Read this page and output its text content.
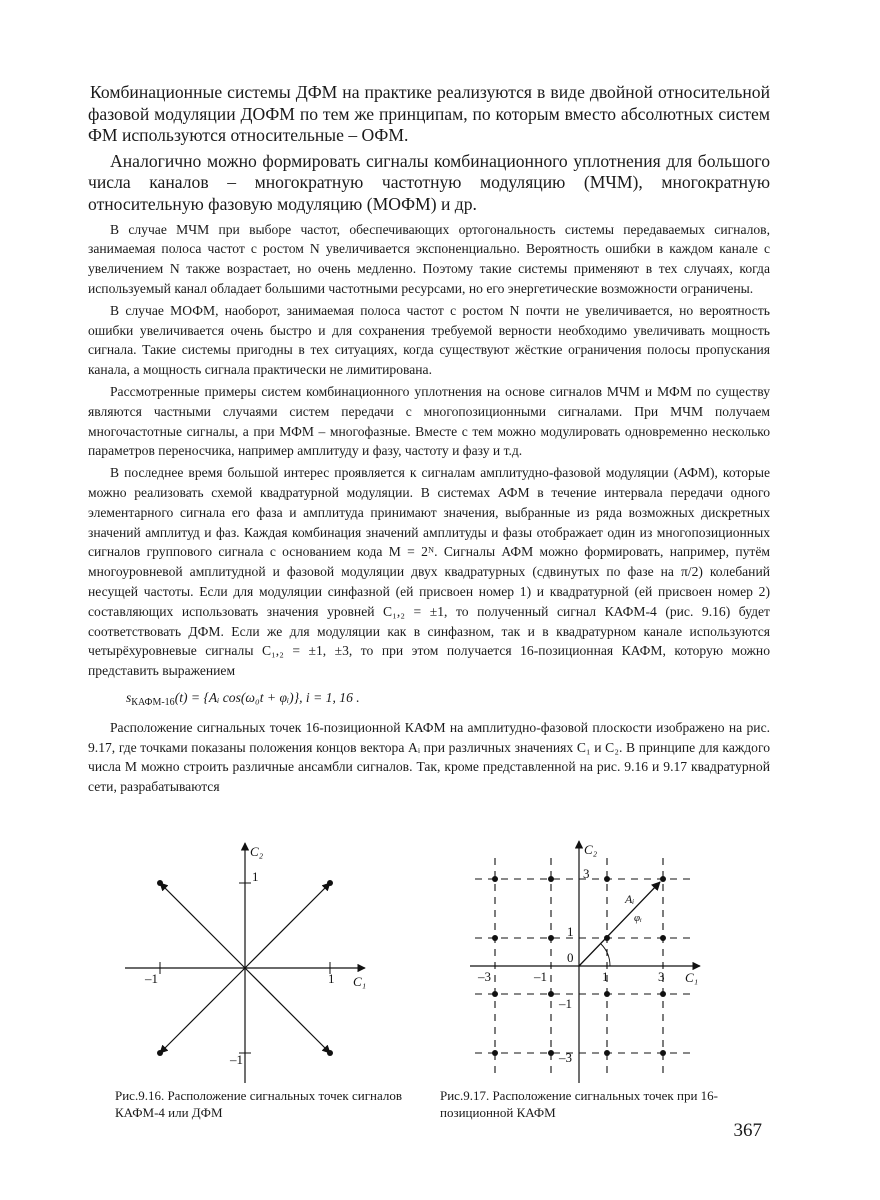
Комбинационные системы ДФМ на практике реализуются в виде двойной относительной фазовой модуляции ДОФМ по тем же принципам, по которым вместо абсолютных систем ФМ используются относительные – ОФМ.

Аналогично можно формировать сигналы комбинационного уплотнения для большого числа каналов – многократную частотную модуляцию (МЧМ), многократную относительную фазовую модуляцию (МОФМ) и др.

В случае МЧМ при выборе частот, обеспечивающих ортогональность системы передаваемых сигналов, занимаемая полоса частот с ростом N увеличивается экспоненциально. Вероятность ошибки в каждом канале с увеличением N также возрастает, но очень медленно. Поэтому такие системы применяют в тех случаях, когда используемый канал обладает большими частотными ресурсами, но его энергетические возможности ограничены.

В случае МОФМ, наоборот, занимаемая полоса частот с ростом N почти не увеличивается, но вероятность ошибки увеличивается очень быстро и для сохранения требуемой верности необходимо увеличивать мощность сигнала. Такие системы пригодны в тех ситуациях, когда существуют жёсткие ограничения полосы пропускания канала, а мощность сигнала практически не лимитирована.

Рассмотренные примеры систем комбинационного уплотнения на основе сигналов МЧМ и МФМ по существу являются частными случаями систем передачи с многопозиционными сигналами. При МЧМ получаем многочастотные сигналы, а при МФМ – многофазные. Вместе с тем можно модулировать одновременно несколько параметров переносчика, например амплитуду и фазу, частоту и фазу и т.д.

В последнее время большой интерес проявляется к сигналам амплитудно-фазовой модуляции (АФМ), которые можно реализовать схемой квадратурной модуляции. В системах АФМ в течение интервала передачи одного элементарного сигнала его фаза и амплитуда принимают значения, выбранные из ряда возможных дискретных значений амплитуд и фаз. Каждая комбинация значений амплитуды и фазы отображает один из многопозиционных сигналов группового сигнала с основанием кода M = 2ᴺ. Сигналы АФМ можно формировать, например, путём многоуровневой амплитудной и фазовой модуляции двух квадратурных (сдвинутых по фазе на π/2) колебаний несущей частоты. Если для модуляции синфазной (ей присвоен номер 1) и квадратурной (ей присвоен номер 2) составляющих использовать значения уровней C₁,₂ = ±1, то полученный сигнал КАФМ-4 (рис. 9.16) будет соответствовать ДФМ. Если же для модуляции как в синфазном, так и в квадратурном канале используются четырёхуровневые сигналы C₁,₂ = ±1, ±3, то при этом получается 16-позиционная КАФМ, которую можно представить выражением

$s_{КАФМ-16}(t)$ = {Aᵢ cos(ω₀t + φᵢ)}, i = 1, 16 .

Расположение сигнальных точек 16-позиционной КАФМ на амплитудно-фазовой плоскости изображено на рис. 9.17, где точками показаны положения концов вектора Aᵢ при различных значениях C₁ и C₂. В принципе для каждого числа M можно строить различные ансамбли сигналов. Так, кроме представленной на рис. 9.16 и 9.17 квадратурной сети, разрабатываются

C₂
C₁
1
–1
1
–1
C₂
C₁
0
–3	–1	1	3
3
1
–1
–3
Aᵢ
φᵢ
Рис.9.16. Расположение сигнальных точек сигналов КАФМ-4 или ДФМ
Рис.9.17. Расположение сигнальных точек при 16-позиционной КАФМ
367
